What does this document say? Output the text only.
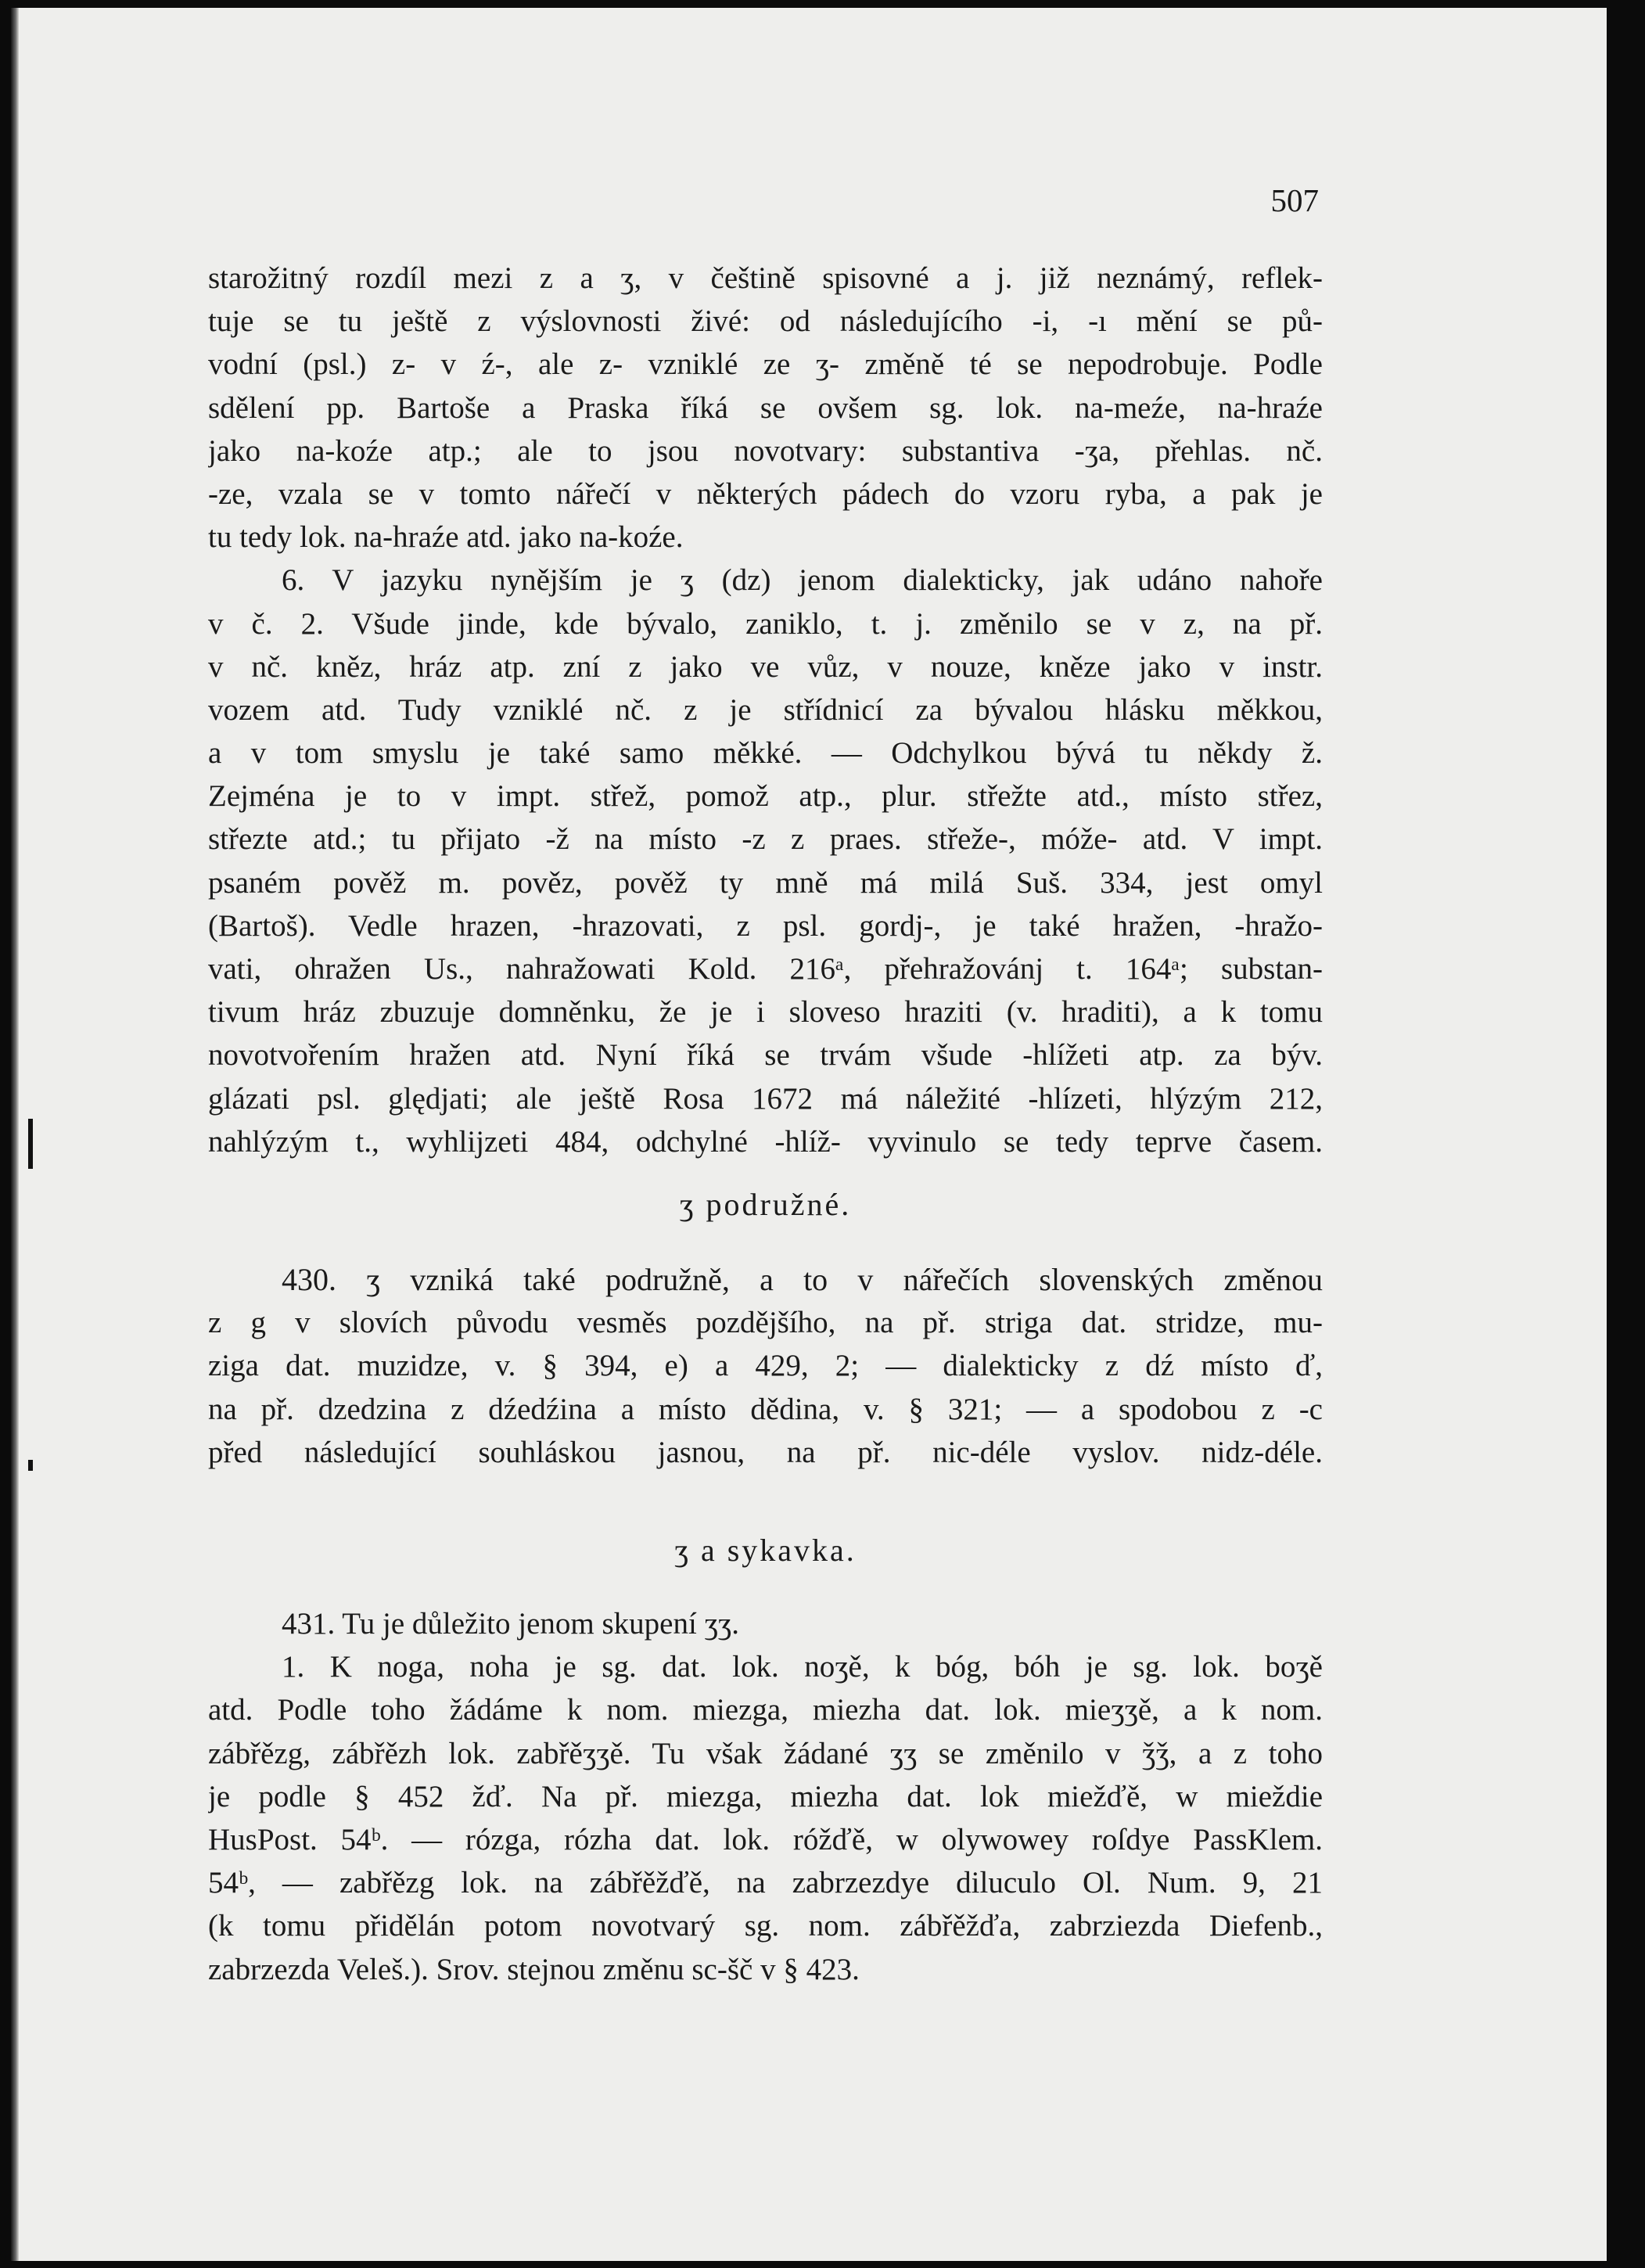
507
starožitný rozdíl mezi z a ʒ, v češtině spisovné a j. již neznámý, reflek-
tuje se tu ještě z výslovnosti živé: od následujícího -i, -ı mění se pů-
vodní (psl.) z- v ź-, ale z- vzniklé ze ʒ- změně té se nepodrobuje. Podle
sdělení pp. Bartoše a Praska říká se ovšem sg. lok. na-meźe, na-hraźe
jako na-koźe atp.; ale to jsou novotvary: substantiva -ʒa, přehlas. nč.
-ze, vzala se v tomto nářečí v některých pádech do vzoru ryba, a pak je
tu tedy lok. na-hraźe atd. jako na-koźe.
6. V jazyku nynějším je ʒ (dz) jenom dialekticky, jak udáno nahoře
v č. 2. Všude jinde, kde bývalo, zaniklo, t. j. změnilo se v z, na př.
v nč. kněz, hráz atp. zní z jako ve vůz, v nouze, kněze jako v instr.
vozem atd. Tudy vzniklé nč. z je střídnicí za bývalou hlásku měkkou,
a v tom smyslu je také samo měkké. — Odchylkou bývá tu někdy ž.
Zejména je to v impt. střež, pomož atp., plur. střežte atd., místo střez,
střezte atd.; tu přijato -ž na místo -z z praes. střeže-, móže- atd. V impt.
psaném pověž m. pověz, pověž ty mně má milá Suš. 334, jest omyl
(Bartoš). Vedle hrazen, -hrazovati, z psl. gordj-, je také hražen, -hražo-
vati, ohražen Us., nahražowati Kold. 216ᵃ, přehražovánj t. 164ᵃ; substan-
tivum hráz zbuzuje domněnku, že je i sloveso hraziti (v. hraditi), a k tomu
novotvořením hražen atd. Nyní říká se trvám všude -hlížeti atp. za býv.
glázati psl. ględjati; ale ještě Rosa 1672 má náležité -hlízeti, hlýzým 212,
nahlýzým t., wyhlijzeti 484, odchylné -hlíž- vyvinulo se tedy teprve časem.
ʒ podružné.
430. ʒ vzniká také podružně, a to v nářečích slovenských změnou
z g v slovích původu vesměs pozdějšího, na př. striga dat. stridze, mu-
ziga dat. muzidze, v. § 394, e) a 429, 2; — dialekticky z dź místo ď,
na př. dzedzina z dźedźina a místo dědina, v. § 321; — a spodobou z -c
před následující souhláskou jasnou, na př. nic-déle vyslov. nidz-déle.
ʒ a sykavka.
431. Tu je důležito jenom skupení ʒʒ.
1. K noga, noha je sg. dat. lok. noʒě, k bóg, bóh je sg. lok. boʒě
atd. Podle toho žádáme k nom. miezga, miezha dat. lok. mieʒʒě, a k nom.
zábřězg, zábřězh lok. zabřěʒʒě. Tu však žádané ʒʒ se změnilo v ǯǯ, a z toho
je podle § 452 žď. Na př. miezga, miezha dat. lok miežďě, w mieždie
HusPost. 54ᵇ. — rózga, rózha dat. lok. róžďě, w olywowey roſdye PassKlem.
54ᵇ, — zabřězg lok. na zábřěžďě, na zabrzezdye diluculo Ol. Num. 9, 21
(k tomu přidělán potom novotvarý sg. nom. zábřěžďa, zabrziezda Diefenb.,
zabrzezda Veleš.). Srov. stejnou změnu sc-šč v § 423.
